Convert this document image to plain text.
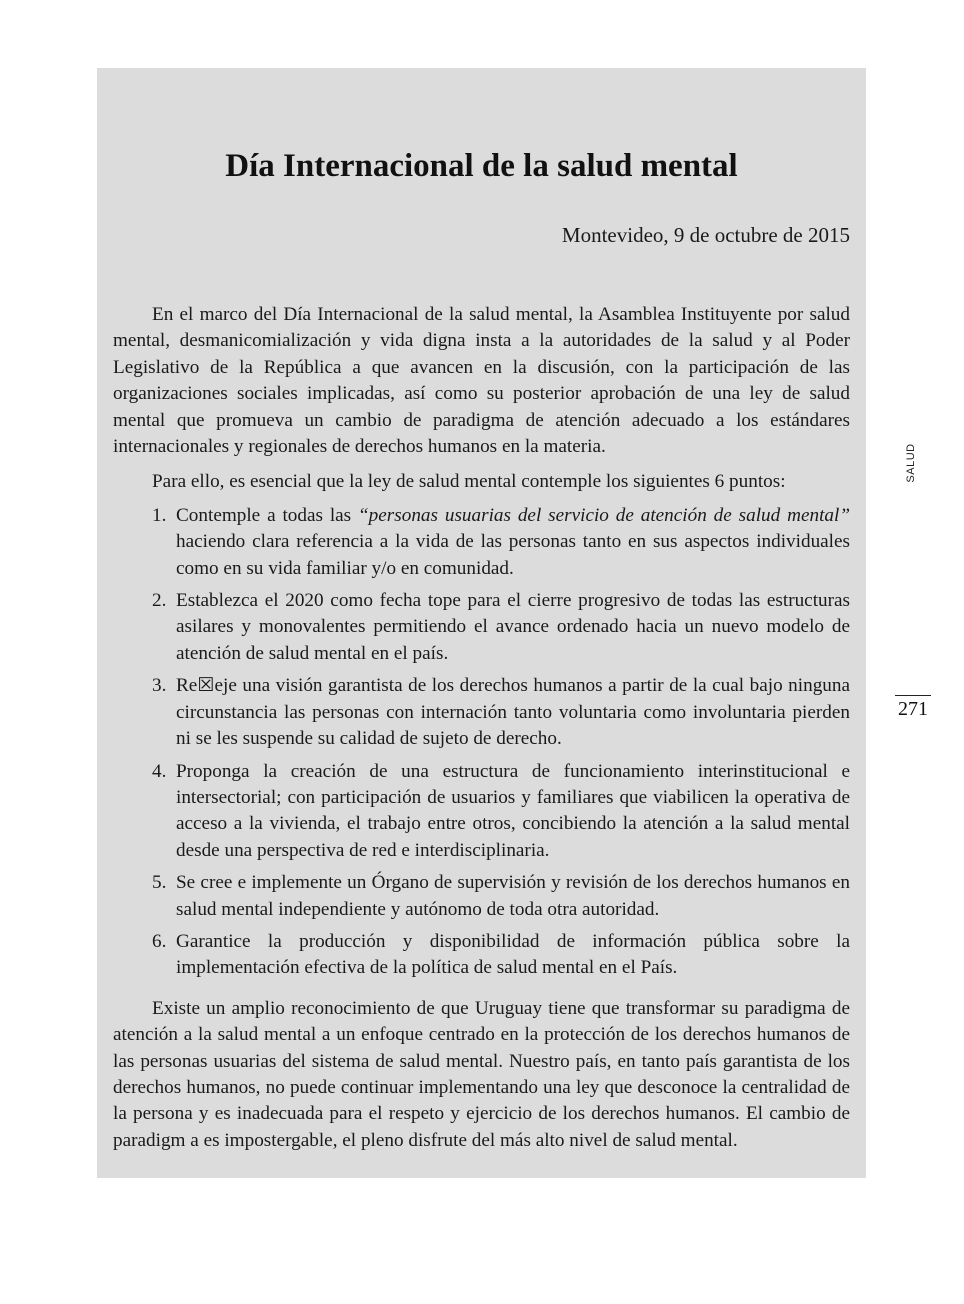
Día Internacional de la salud mental

Montevideo, 9 de octubre de 2015

En el marco del Día Internacional de la salud mental, la Asamblea Instituyente por salud mental, desmanicomialización y vida digna insta a la autoridades de la salud y al Poder Legislativo de la República a que avancen en la discusión, con la participación de las organizaciones sociales implicadas, así como su posterior aprobación de una ley de salud mental que promueva un cambio de paradigma de atención adecuado a los estándares internacionales y regionales de derechos humanos en la materia.

Para ello, es esencial que la ley de salud mental contemple los siguientes 6 puntos:

1. Contemple a todas las “personas usuarias del servicio de atención de salud mental” haciendo clara referencia a la vida de las personas tanto en sus aspectos individuales como en su vida familiar y/o en comunidad.
2. Establezca el 2020 como fecha tope para el cierre progresivo de todas las estructuras asilares y monovalentes permitiendo el avance ordenado hacia un nuevo modelo de atención de salud mental en el país.
3. Re☒eje una visión garantista de los derechos humanos a partir de la cual bajo ninguna circunstancia las personas con internación tanto voluntaria como involuntaria pierden ni se les suspende su calidad de sujeto de derecho.
4. Proponga la creación de una estructura de funcionamiento interinstitucional e intersectorial; con participación de usuarios y familiares que viabilicen la operativa de acceso a la vivienda, el trabajo entre otros, concibiendo la atención a la salud mental desde una perspectiva de red e interdisciplinaria.
5. Se cree e implemente un Órgano de supervisión y revisión de los derechos humanos en salud mental independiente y autónomo de toda otra autoridad.
6. Garantice la producción y disponibilidad de información pública sobre la implementación efectiva de la política de salud mental en el País.

Existe un amplio reconocimiento de que Uruguay tiene que transformar su paradigma de atención a la salud mental a un enfoque centrado en la protección de los derechos humanos de las personas usuarias del sistema de salud mental. Nuestro país, en tanto país garantista de los derechos humanos, no puede continuar implementando una ley que desconoce la centralidad de la persona y es inadecuada para el respeto y ejercicio de los derechos humanos. El cambio de paradigm a es impostergable, el pleno disfrute del más alto nivel de salud mental.

SALUD
271
